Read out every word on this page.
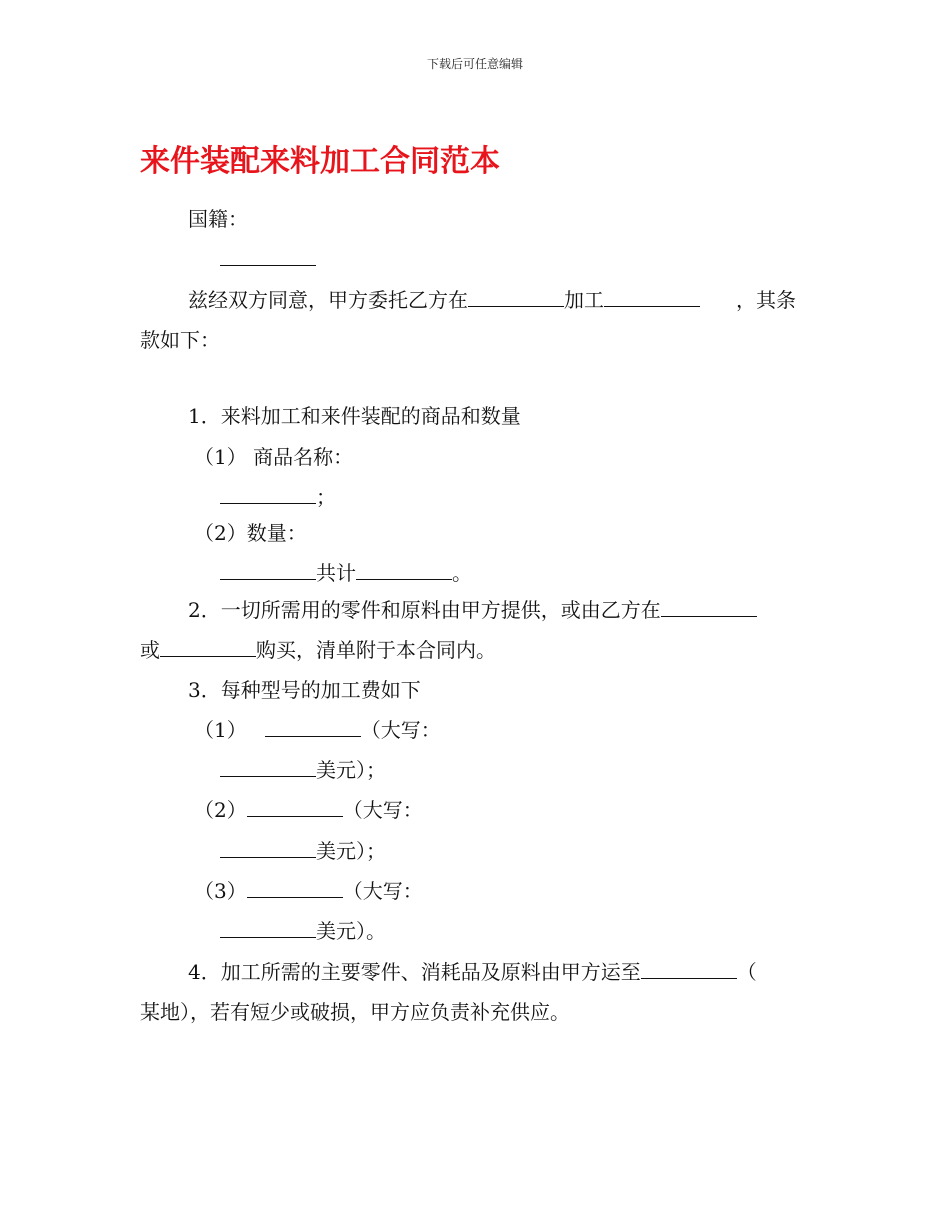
下载后可任意编辑
来件装配来料加工合同范本
国籍：
兹经双方同意，甲方委托乙方在	加工	，其条
款如下：
1．来料加工和来件装配的商品和数量
（1） 商品名称：
；
（2）数量：
共计	。
2．一切所需用的零件和原料由甲方提供，或由乙方在
或	购买，清单附于本合同内。
3．每种型号的加工费如下
（1）	（大写：
美元）；
（2）	（大写：
美元）；
（3）	（大写：
美元）。
4．加工所需的主要零件、消耗品及原料由甲方运至	（
某地），若有短少或破损，甲方应负责补充供应。
